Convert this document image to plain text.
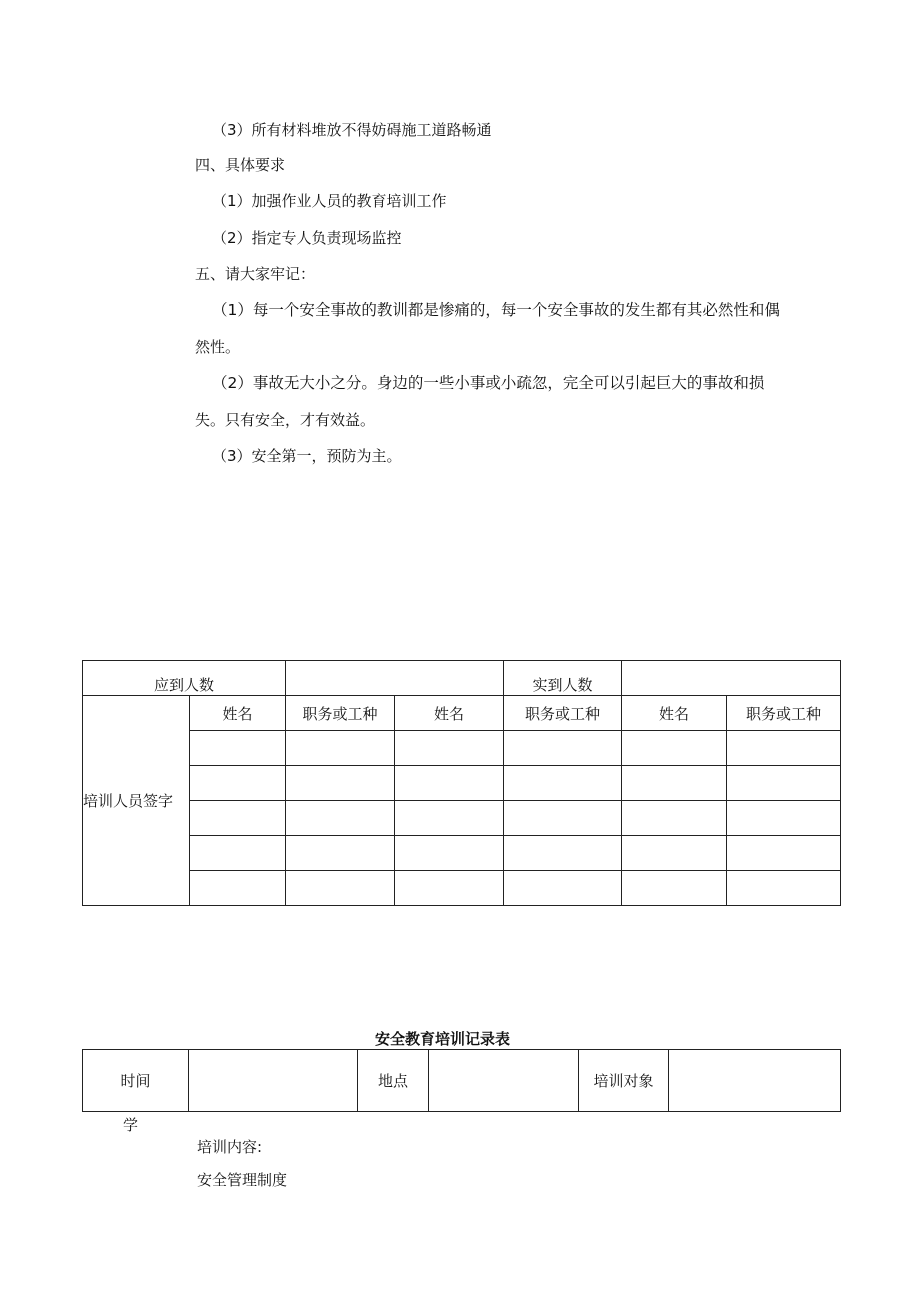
（3）所有材料堆放不得妨碍施工道路畅通
四、具体要求
（1）加强作业人员的教育培训工作
（2）指定专人负责现场监控
五、请大家牢记：
（1）每一个安全事故的教训都是惨痛的，每一个安全事故的发生都有其必然性和偶
然性。
（2）事故无大小之分。身边的一些小事或小疏忽，完全可以引起巨大的事故和损
失。只有安全，才有效益。
（3）安全第一，预防为主。
应到人数				实到人数		
培训人员签字	姓名	职务或工种	姓名	职务或工种	姓名	职务或工种

安全教育培训记录表
时间		地点		培训对象	
学
培训内容:
安全管理制度
